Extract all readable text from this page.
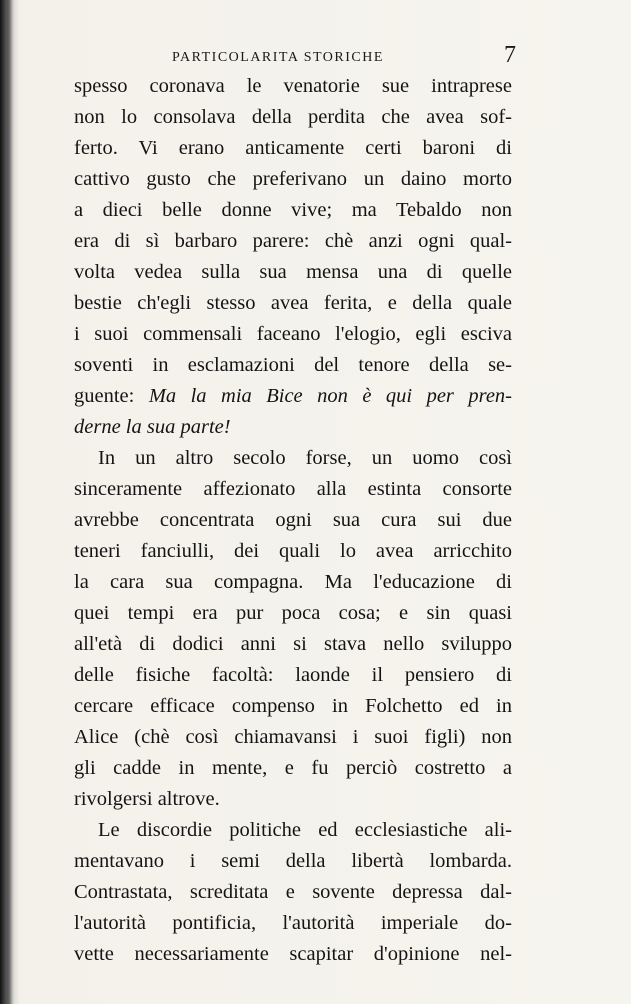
PARTICOLARITA STORICHE	7
spesso coronava le venatorie sue intraprese
non lo consolava della perdita che avea sof-
ferto. Vi erano anticamente certi baroni di
cattivo gusto che preferivano un daino morto
a dieci belle donne vive; ma Tebaldo non
era di sì barbaro parere: chè anzi ogni qual-
volta vedea sulla sua mensa una di quelle
bestie ch'egli stesso avea ferita, e della quale
i suoi commensali faceano l'elogio, egli esciva
soventi in esclamazioni del tenore della se-
guente: Ma la mia Bice non è qui per pren-
derne la sua parte!
In un altro secolo forse, un uomo così
sinceramente affezionato alla estinta consorte
avrebbe concentrata ogni sua cura sui due
teneri fanciulli, dei quali lo avea arricchito
la cara sua compagna. Ma l'educazione di
quei tempi era pur poca cosa; e sin quasi
all'età di dodici anni si stava nello sviluppo
delle fisiche facoltà: laonde il pensiero di
cercare efficace compenso in Folchetto ed in
Alice (chè così chiamavansi i suoi figli) non
gli cadde in mente, e fu perciò costretto a
rivolgersi altrove.
Le discordie politiche ed ecclesiastiche ali-
mentavano i semi della libertà lombarda.
Contrastata, screditata e sovente depressa dal-
l'autorità pontificia, l'autorità imperiale do-
vette necessariamente scapitar d'opinione nel-
